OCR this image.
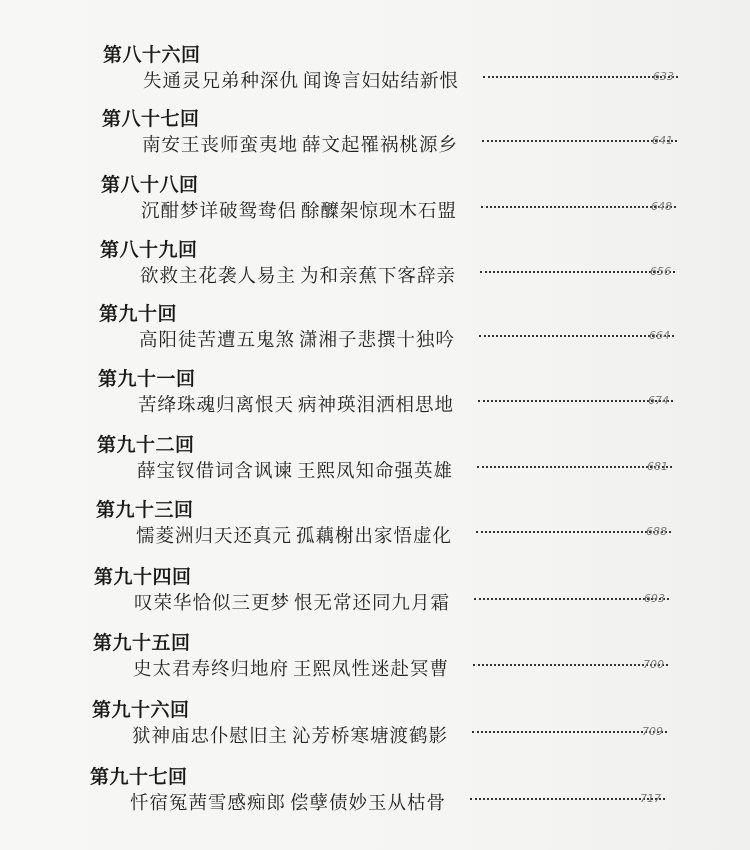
第八十六回
失通灵兄弟种深仇 闻谗言妇姑结新恨	633
第八十七回
南安王丧师蛮夷地 薛文起罹祸桃源乡	641
第八十八回
沉酣梦详破鸳鸯侣 酴醾架惊现木石盟	648
第八十九回
欲救主花袭人易主 为和亲蕉下客辞亲	656
第九十回
高阳徒苦遭五鬼煞 潇湘子悲撰十独吟	664
第九十一回
苦绛珠魂归离恨天 病神瑛泪洒相思地	674
第九十二回
薛宝钗借词含讽谏 王熙凤知命强英雄	681
第九十三回
懦菱洲归天还真元 孤藕榭出家悟虚化	688
第九十四回
叹荣华恰似三更梦 恨无常还同九月霜	693
第九十五回
史太君寿终归地府 王熙凤性迷赴冥曹	700
第九十六回
狱神庙忠仆慰旧主 沁芳桥寒塘渡鹤影	709
第九十七回
忏宿冤茜雪感痴郎 偿孽债妙玉从枯骨	717
